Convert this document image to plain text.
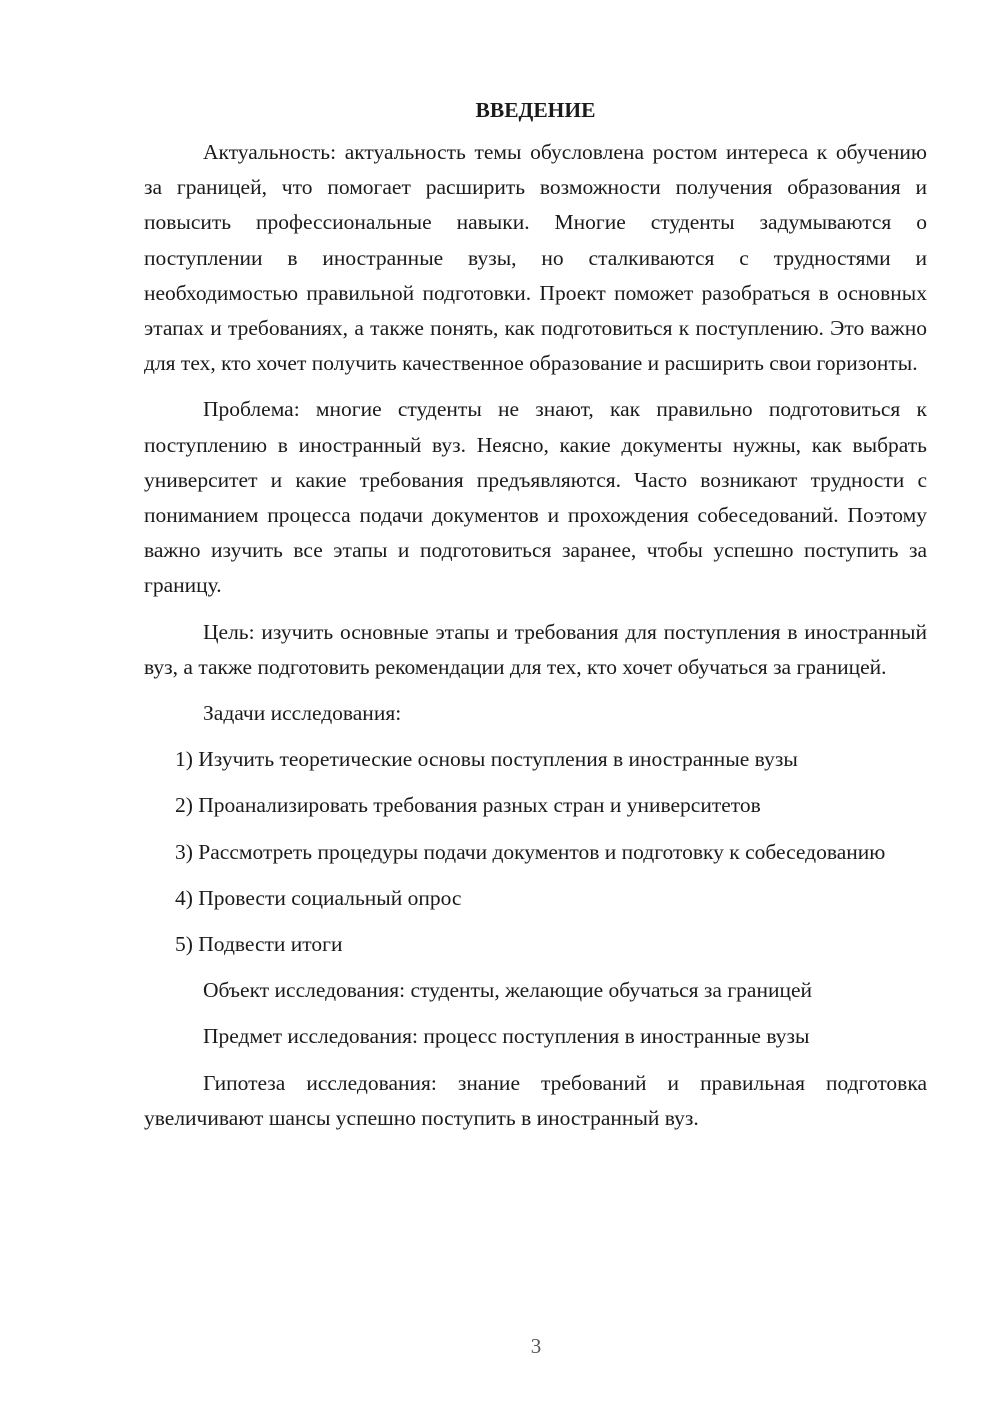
ВВЕДЕНИЕ

Актуальность: актуальность темы обусловлена ростом интереса к обучению за границей, что помогает расширить возможности получения образования и повысить профессиональные навыки. Многие студенты задумываются о поступлении в иностранные вузы, но сталкиваются с трудностями и необходимостью правильной подготовки. Проект поможет разобраться в основных этапах и требованиях, а также понять, как подготовиться к поступлению. Это важно для тех, кто хочет получить качественное образование и расширить свои горизонты.

Проблема: многие студенты не знают, как правильно подготовиться к поступлению в иностранный вуз. Неясно, какие документы нужны, как выбрать университет и какие требования предъявляются. Часто возникают трудности с пониманием процесса подачи документов и прохождения собеседований. Поэтому важно изучить все этапы и подготовиться заранее, чтобы успешно поступить за границу.

Цель: изучить основные этапы и требования для поступления в иностранный вуз, а также подготовить рекомендации для тех, кто хочет обучаться за границей.

Задачи исследования:

1) Изучить теоретические основы поступления в иностранные вузы

2) Проанализировать требования разных стран и университетов

3) Рассмотреть процедуры подачи документов и подготовку к собеседованию

4) Провести социальный опрос

5) Подвести итоги

Объект исследования: студенты, желающие обучаться за границей

Предмет исследования: процесс поступления в иностранные вузы

Гипотеза исследования: знание требований и правильная подготовка увеличивают шансы успешно поступить в иностранный вуз.

3
